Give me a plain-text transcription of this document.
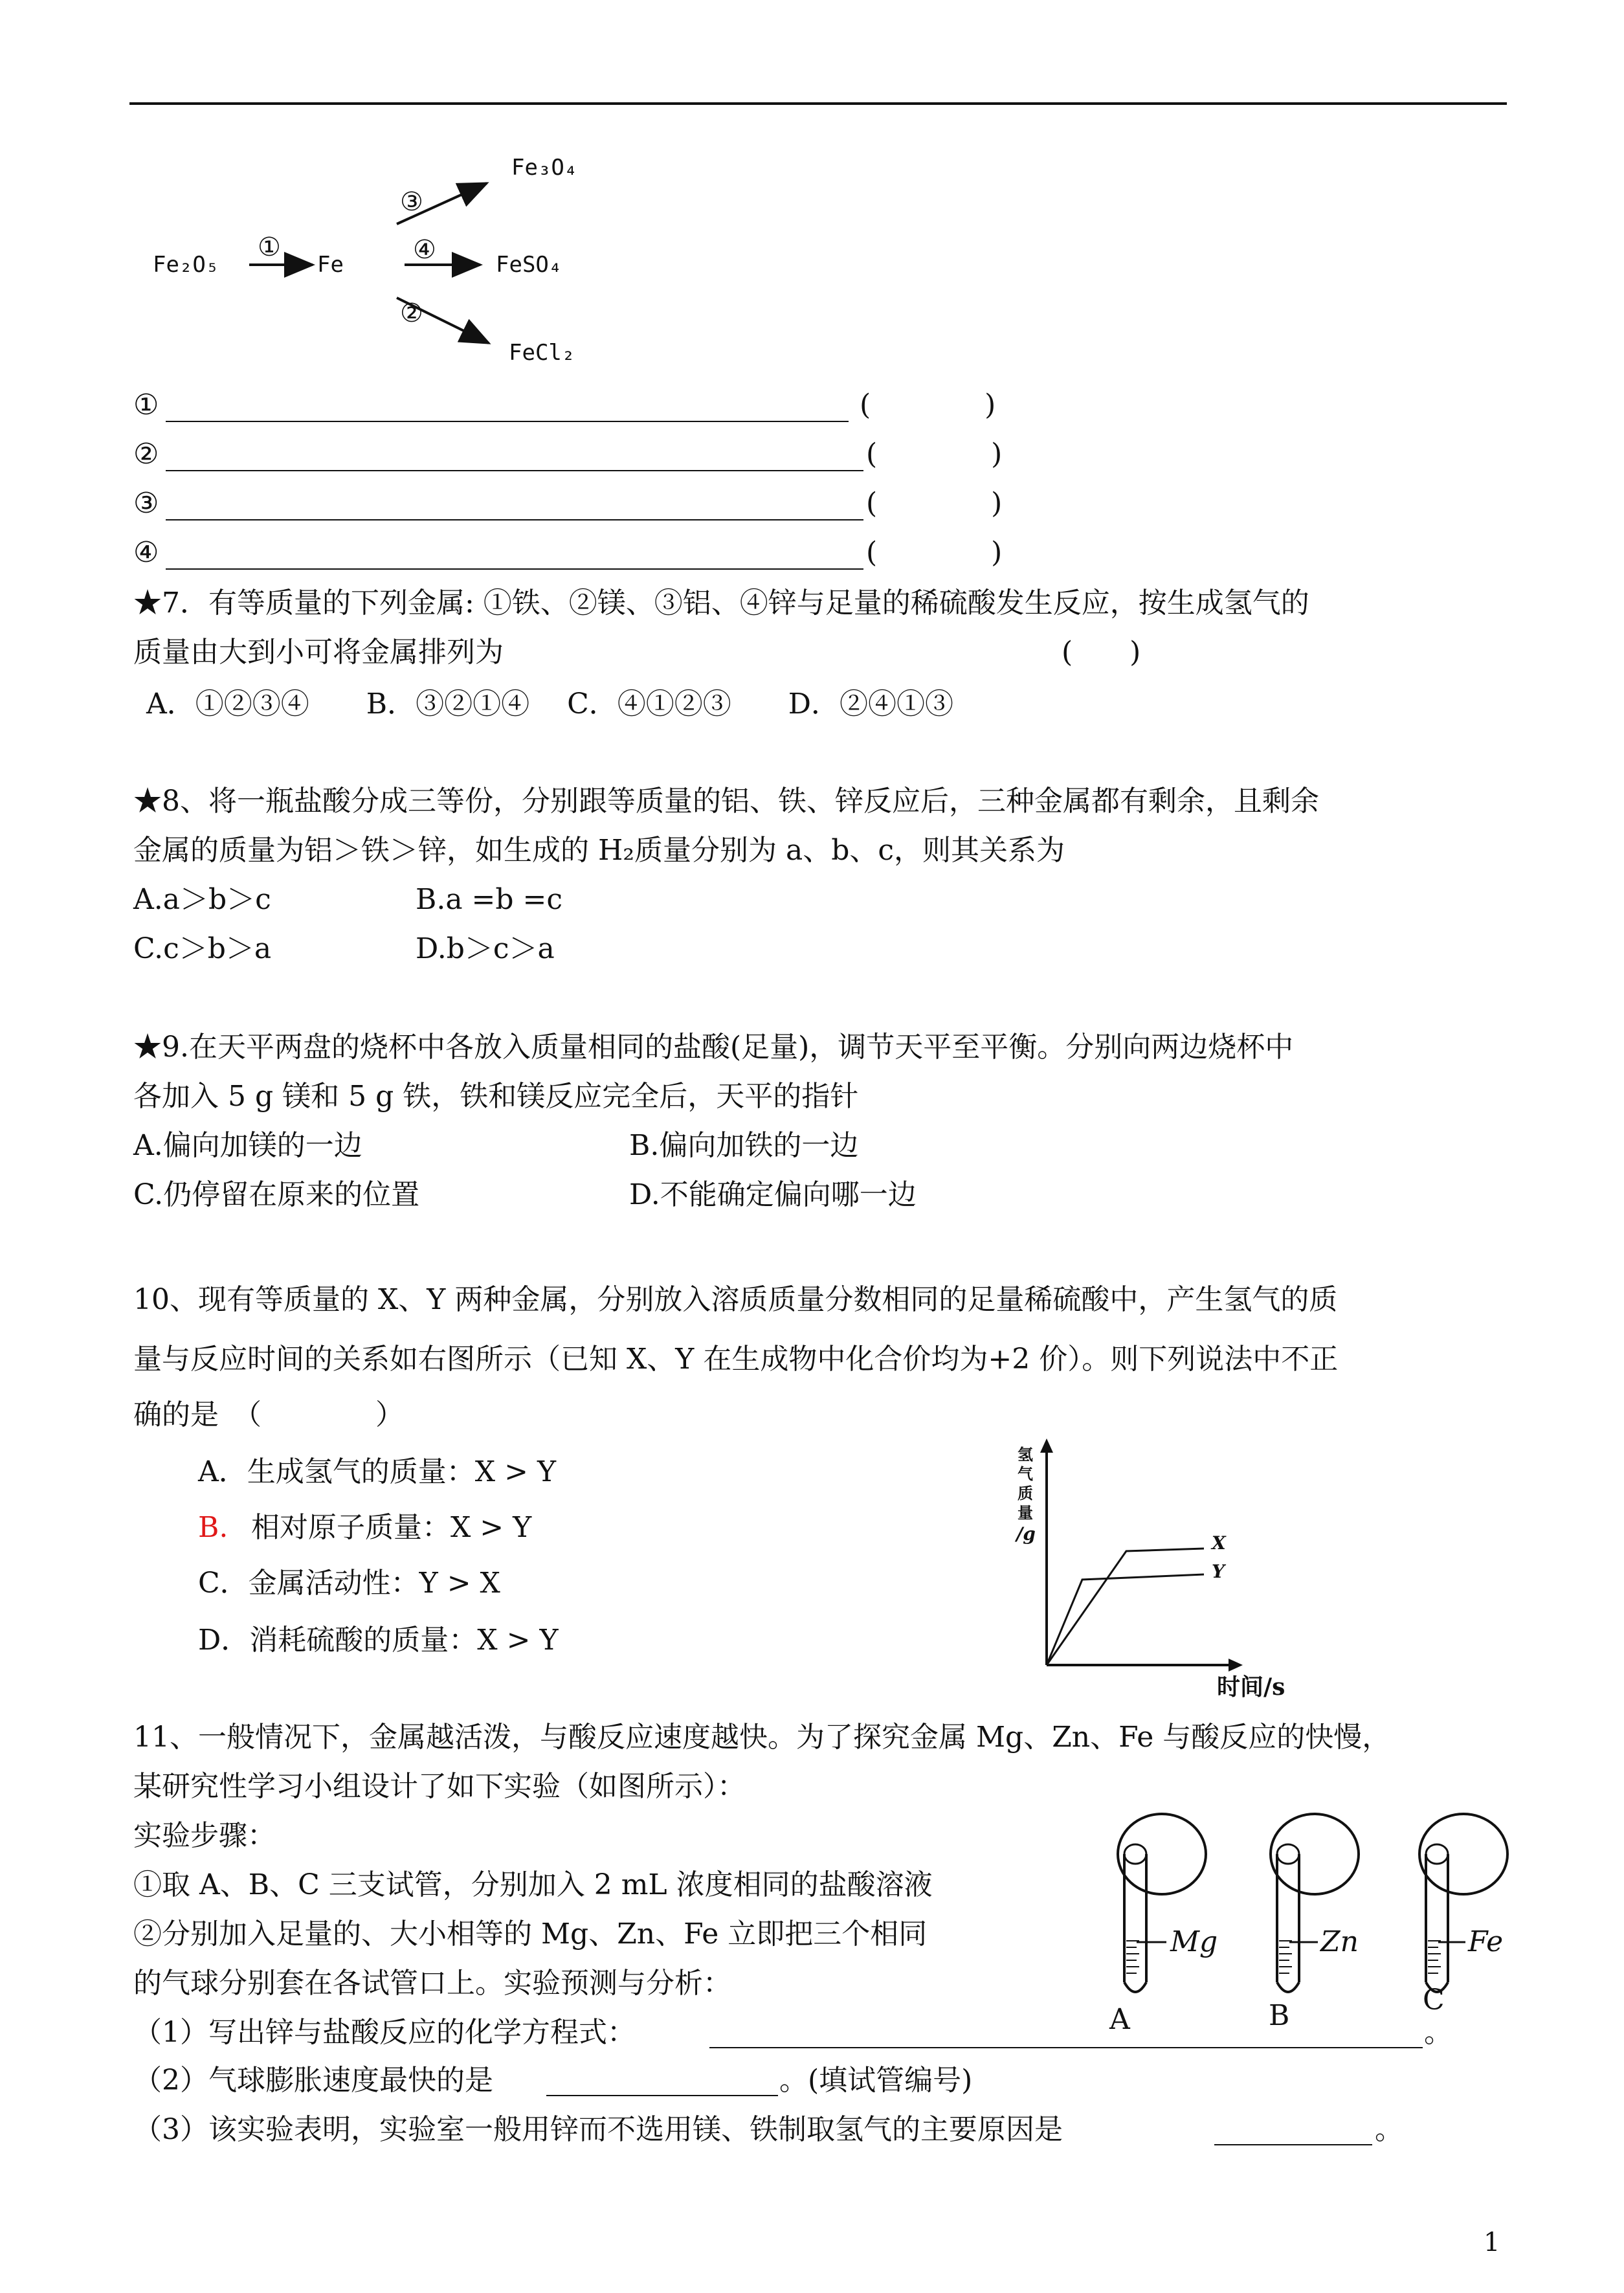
Fe₂O₅	Fe
①
③
④
②
Fe₃O₄
FeSO₄
FeCl₂
①	(　　　　)
②	(　　　　)
③	(　　　　)
④	(　　　　)
★7．有等质量的下列金属: ①铁、②镁、③铝、④锌与足量的稀硫酸发生反应，按生成氢气的
质量由大到小可将金属排列为	(　　)
A．①②③④　　B．③②①④　 C．④①②③　　D．②④①③
★8、将一瓶盐酸分成三等份，分别跟等质量的铝、铁、锌反应后，三种金属都有剩余，且剩余
金属的质量为铝＞铁＞锌，如生成的 H₂质量分别为 a、b、c，则其关系为
A.a＞b＞c	B.a =b =c
C.c＞b＞a	D.b＞c＞a
★9.在天平两盘的烧杯中各放入质量相同的盐酸(足量)，调节天平至平衡。分别向两边烧杯中
各加入 5 g 镁和 5 g 铁，铁和镁反应完全后，天平的指针
A.偏向加镁的一边	B.偏向加铁的一边
C.仍停留在原来的位置	D.不能确定偏向哪一边
10、现有等质量的 X、Y 两种金属，分别放入溶质质量分数相同的足量稀硫酸中，产生氢气的质
量与反应时间的关系如右图所示（已知 X、Y 在生成物中化合价均为+2 价）。则下列说法中不正
确的是　（　　　　）
A．生成氢气的质量：X > Y
B. 相对原子质量：X > Y
C．金属活动性：Y > X
D．消耗硫酸的质量：X > Y
氢
气
质
量
/g	X
Y
时间/s
11、一般情况下，金属越活泼，与酸反应速度越快。为了探究金属 Mg、Zn、Fe 与酸反应的快慢，
某研究性学习小组设计了如下实验（如图所示）：
实验步骤：
①取 A、B、C 三支试管，分别加入 2 mL 浓度相同的盐酸溶液
②分别加入足量的、大小相等的 Mg、Zn、Fe 立即把三个相同
的气球分别套在各试管口上。实验预测与分析：
（1）写出锌与盐酸反应的化学方程式：	。
（2）气球膨胀速度最快的是	。(填试管编号)
（3）该实验表明，实验室一般用锌而不选用镁、铁制取氢气的主要原因是	。
Mg	Zn	Fe
A	B	C
1
